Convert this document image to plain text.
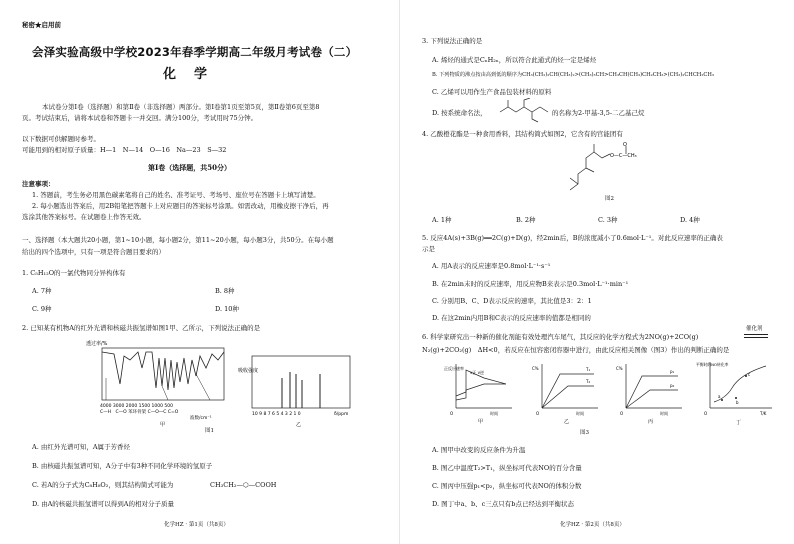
秘密★启用前
会泽实验高级中学校2023年春季学期高二年级月考试卷（二）
化学
本试卷分第Ⅰ卷（选择题）和第Ⅱ卷（非选择题）两部分。第Ⅰ卷第1页至第5页，第Ⅱ卷第6页至第8
页。考试结束后，请将本试卷和答题卡一并交回。满分100分，考试用时75分钟。
以下数据可供解题时参考。
可能用到的相对原子质量：H—1　N—14　O—16　Na—23　S—32
第Ⅰ卷（选择题，共50分）
注意事项：
1. 答题前，考生务必用黑色碳素笔将自己的姓名、准考证号、考场号、座位号在答题卡上填写清楚。
2. 每小题选出答案后，用2B铅笔把答题卡上对应题目的答案标号涂黑。如需改动，用橡皮擦干净后，再
选涂其他答案标号。在试题卷上作答无效。
一、选择题（本大题共20小题，第1~10小题，每小题2分，第11~20小题，每小题3分，共50分。在每小题
给出的四个选项中，只有一项是符合题目要求的）
1. C₅H₁₂O的一氯代物同分异构体有
A. 7种	B. 8种
C. 9种	D. 10种
2. 已知某有机物A的红外光谱和核磁共振氢谱如图1甲、乙所示，下列说法正确的是
透过率/%
4000 3000 2000 1500 1000 500
C—H　C—O 苯环骨架 C—O—C C=O
波数/cm⁻¹
甲
吸收强度
10 9 8 7 6 5 4 3 2 1 0	δ/ppm
乙
图1
A. 由红外光谱可知，A属于芳香烃
B. 由核磁共振氢谱可知，A分子中有3种不同化学环境的氢原子
C. 若A的分子式为C₈H₈O₂，则其结构简式可能为	CH₃CH₂—⬡—COOH
D. 由A的核磁共振氢谱可以得到A的相对分子质量
化学HZ · 第1页（共8页）
3. 下列说法正确的是
A. 烯烃的通式是CₙH₂ₙ，所以符合此通式的烃一定是烯烃
B. 下列物质的沸点按由高到低的顺序为CH₃(CH₂)₂CH(CH₃)₂>(CH₃)₃CH>CH₃CH(CH₃)CH₂CH₃>(CH₃)₂CHCH₂CH₃
C. 乙烯可以用作生产食品包装材料的原料
D. 按系统命名法，	的名称为2-甲基-3,5-二乙基己烷
4. 乙酸橙花酯是一种食用香料，其结构简式如图2，它含有的官能团有
O—C—CH₃
O
图2
A. 1种	B. 2种	C. 3种	D. 4种
5. 反应4A(s)+3B(g)══2C(g)+D(g)，经2min后，B的浓度减小了0.6mol·L⁻¹。对此反应速率的正确表
示是
A. 用A表示的反应速率是0.8mol·L⁻¹·s⁻¹
B. 在2min末时的反应速率，用反应物B来表示是0.3mol·L⁻¹·min⁻¹
C. 分别用B、C、D表示反应的速率，其比值是3：2：1
D. 在这2min内用B和C表示的反应速率的值都是相同的
6. 科学家研究出一种新的催化剂能有效处理汽车尾气，其反应的化学方程式为2NO(g)+2CO(g)
催化剂
N₂(g)+2CO₂(g)　ΔH<0，若反应在恒容密闭容器中进行，由此反应相关图像（图3）作出的判断正确的是
正反应速率
v正 v逆
O	时间
甲
C%	T₁
T₂
O	时间
乙
C%
p₁
p₂
O	时间
丙
平衡时的NO转化率
a
b
c
O	T/K
丁
图3
A. 图甲中改变的反应条件为升温
B. 图乙中温度T₂>T₁，纵坐标可代表NO的百分含量
C. 图丙中压强p₁<p₂，纵坐标可代表NO的体积分数
D. 图丁中a、b、c三点只有b点已经达到平衡状态
化学HZ · 第2页（共8页）
